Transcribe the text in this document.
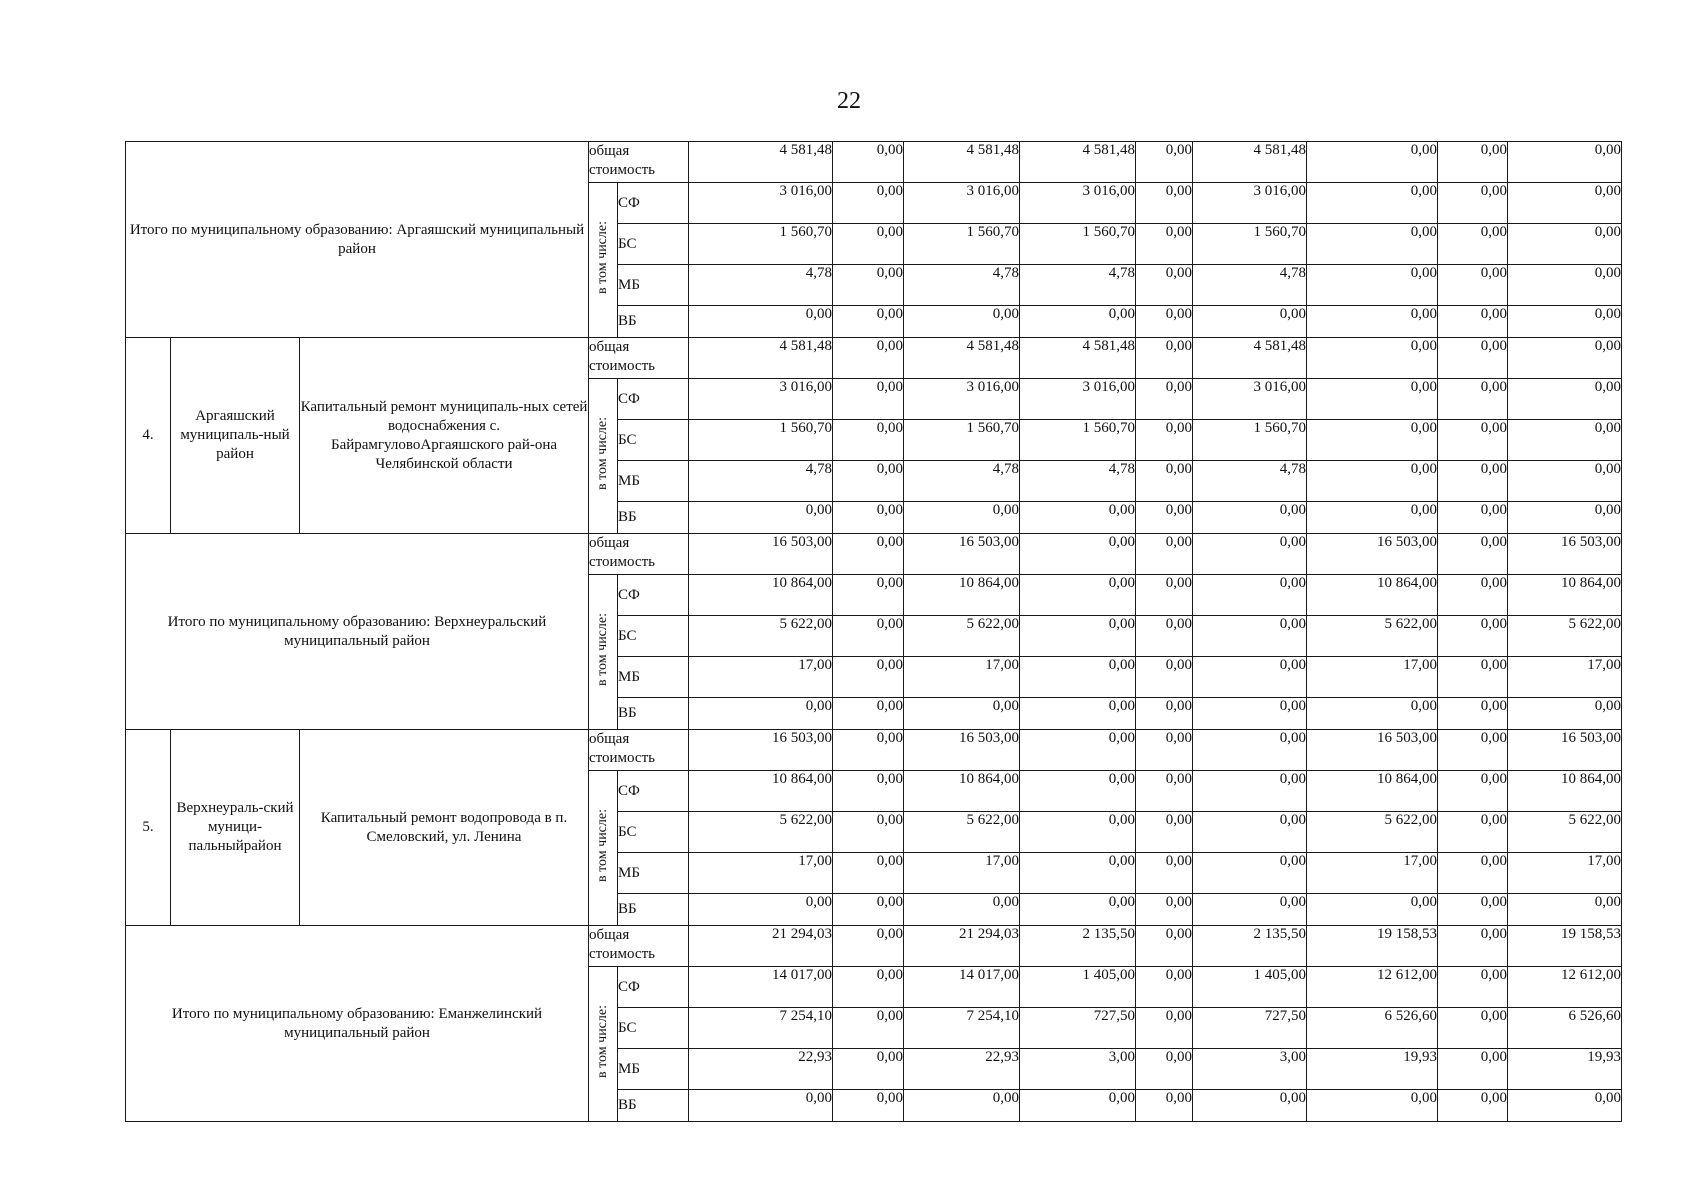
22
Итого по муниципальному образованию: Аргаяшский муниципальный район			общая стоимость		4 581,48	0,00	4 581,48	4 581,48	0,00	4 581,48	0,00	0,00	0,00
			в том числе:	СФ	3 016,00	0,00	3 016,00	3 016,00	0,00	3 016,00	0,00	0,00	0,00
				БС	1 560,70	0,00	1 560,70	1 560,70	0,00	1 560,70	0,00	0,00	0,00
				МБ	4,78	0,00	4,78	4,78	0,00	4,78	0,00	0,00	0,00
				ВБ	0,00	0,00	0,00	0,00	0,00	0,00	0,00	0,00	0,00
4.	Аргаяшский муниципаль-ный район	Капитальный ремонт муниципаль-ных сетей водоснабжения с. БайрамгуловоАргаяшского рай-она Челябинской области	общая стоимость		4 581,48	0,00	4 581,48	4 581,48	0,00	4 581,48	0,00	0,00	0,00
			в том числе:	СФ	3 016,00	0,00	3 016,00	3 016,00	0,00	3 016,00	0,00	0,00	0,00
				БС	1 560,70	0,00	1 560,70	1 560,70	0,00	1 560,70	0,00	0,00	0,00
				МБ	4,78	0,00	4,78	4,78	0,00	4,78	0,00	0,00	0,00
				ВБ	0,00	0,00	0,00	0,00	0,00	0,00	0,00	0,00	0,00
Итого по муниципальному образованию: Верхнеуральский муниципальный район			общая стоимость		16 503,00	0,00	16 503,00	0,00	0,00	0,00	16 503,00	0,00	16 503,00
			в том числе:	СФ	10 864,00	0,00	10 864,00	0,00	0,00	0,00	10 864,00	0,00	10 864,00
				БС	5 622,00	0,00	5 622,00	0,00	0,00	0,00	5 622,00	0,00	5 622,00
				МБ	17,00	0,00	17,00	0,00	0,00	0,00	17,00	0,00	17,00
				ВБ	0,00	0,00	0,00	0,00	0,00	0,00	0,00	0,00	0,00
5.	Верхнеураль-ский муници-пальныйрайон	Капитальный ремонт водопровода в п. Смеловский, ул. Ленина	общая стоимость		16 503,00	0,00	16 503,00	0,00	0,00	0,00	16 503,00	0,00	16 503,00
			в том числе:	СФ	10 864,00	0,00	10 864,00	0,00	0,00	0,00	10 864,00	0,00	10 864,00
				БС	5 622,00	0,00	5 622,00	0,00	0,00	0,00	5 622,00	0,00	5 622,00
				МБ	17,00	0,00	17,00	0,00	0,00	0,00	17,00	0,00	17,00
				ВБ	0,00	0,00	0,00	0,00	0,00	0,00	0,00	0,00	0,00
Итого по муниципальному образованию: Еманжелинский муниципальный район			общая стоимость		21 294,03	0,00	21 294,03	2 135,50	0,00	2 135,50	19 158,53	0,00	19 158,53
			в том числе:	СФ	14 017,00	0,00	14 017,00	1 405,00	0,00	1 405,00	12 612,00	0,00	12 612,00
				БС	7 254,10	0,00	7 254,10	727,50	0,00	727,50	6 526,60	0,00	6 526,60
				МБ	22,93	0,00	22,93	3,00	0,00	3,00	19,93	0,00	19,93
				ВБ	0,00	0,00	0,00	0,00	0,00	0,00	0,00	0,00	0,00
